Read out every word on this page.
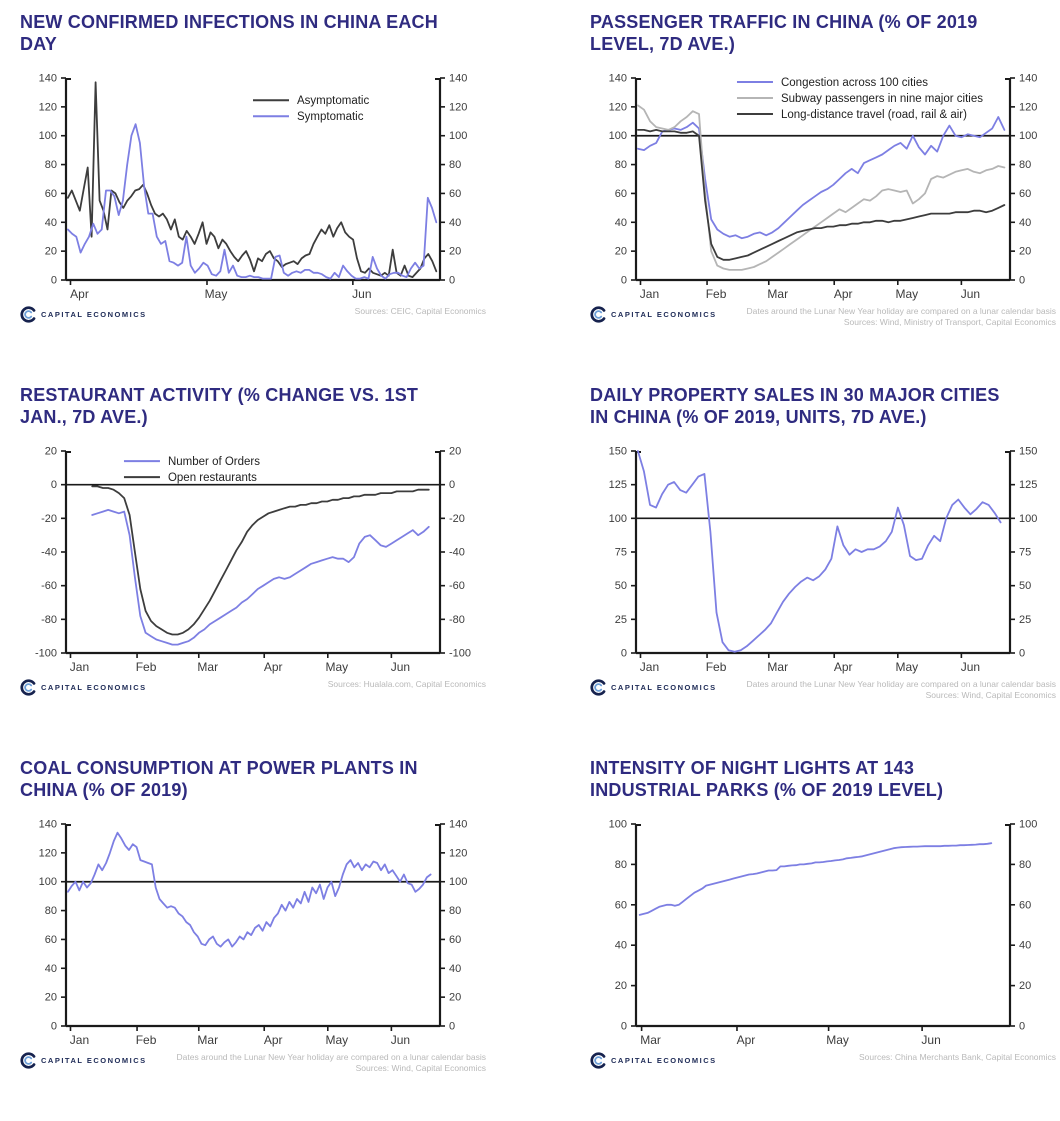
NEW CONFIRMED INFECTIONS IN CHINA EACH DAY
0	0
20	20
40	40
60	60
80	80
100	100
120	120
140	140
Apr	May	Jun
Asymptomatic
Symptomatic
CAPITAL ECONOMICS	Sources: CEIC, Capital Economics
PASSENGER TRAFFIC IN CHINA (% OF 2019 LEVEL, 7D AVE.)
0	0
20	20
40	40
60	60
80	80
100	100
120	120
140	140
Jan	Feb	Mar	Apr	May	Jun
Congestion across 100 cities
Subway passengers in nine major cities
Long-distance travel (road, rail & air)
CAPITAL ECONOMICS	Dates around the Lunar New Year holiday are compared on a lunar calendar basis
Sources: Wind, Ministry of Transport, Capital Economics
RESTAURANT ACTIVITY (% CHANGE VS. 1ST JAN., 7D AVE.)
20	20
0	0
-20	-20
-40	-40
-60	-60
-80	-80
-100	-100
Jan	Feb	Mar	Apr	May	Jun
Number of Orders
Open restaurants
CAPITAL ECONOMICS	Sources: Hualala.com, Capital Economics
DAILY PROPERTY SALES IN 30 MAJOR CITIES IN CHINA (% OF 2019, UNITS, 7D AVE.)
0	0
25	25
50	50
75	75
100	100
125	125
150	150
Jan	Feb	Mar	Apr	May	Jun
CAPITAL ECONOMICS	Dates around the Lunar New Year holiday are compared on a lunar calendar basis
Sources: Wind, Capital Economics
COAL CONSUMPTION AT POWER PLANTS IN CHINA (% OF 2019)
0	0
20	20
40	40
60	60
80	80
100	100
120	120
140	140
Jan	Feb	Mar	Apr	May	Jun
CAPITAL ECONOMICS	Dates around the Lunar New Year holiday are compared on a lunar calendar basis
Sources: Wind, Capital Economics
INTENSITY OF NIGHT LIGHTS AT 143 INDUSTRIAL PARKS (% OF 2019 LEVEL)
0	0
20	20
40	40
60	60
80	80
100	100
Mar	Apr	May	Jun
CAPITAL ECONOMICS	Sources: China Merchants Bank, Capital Economics
